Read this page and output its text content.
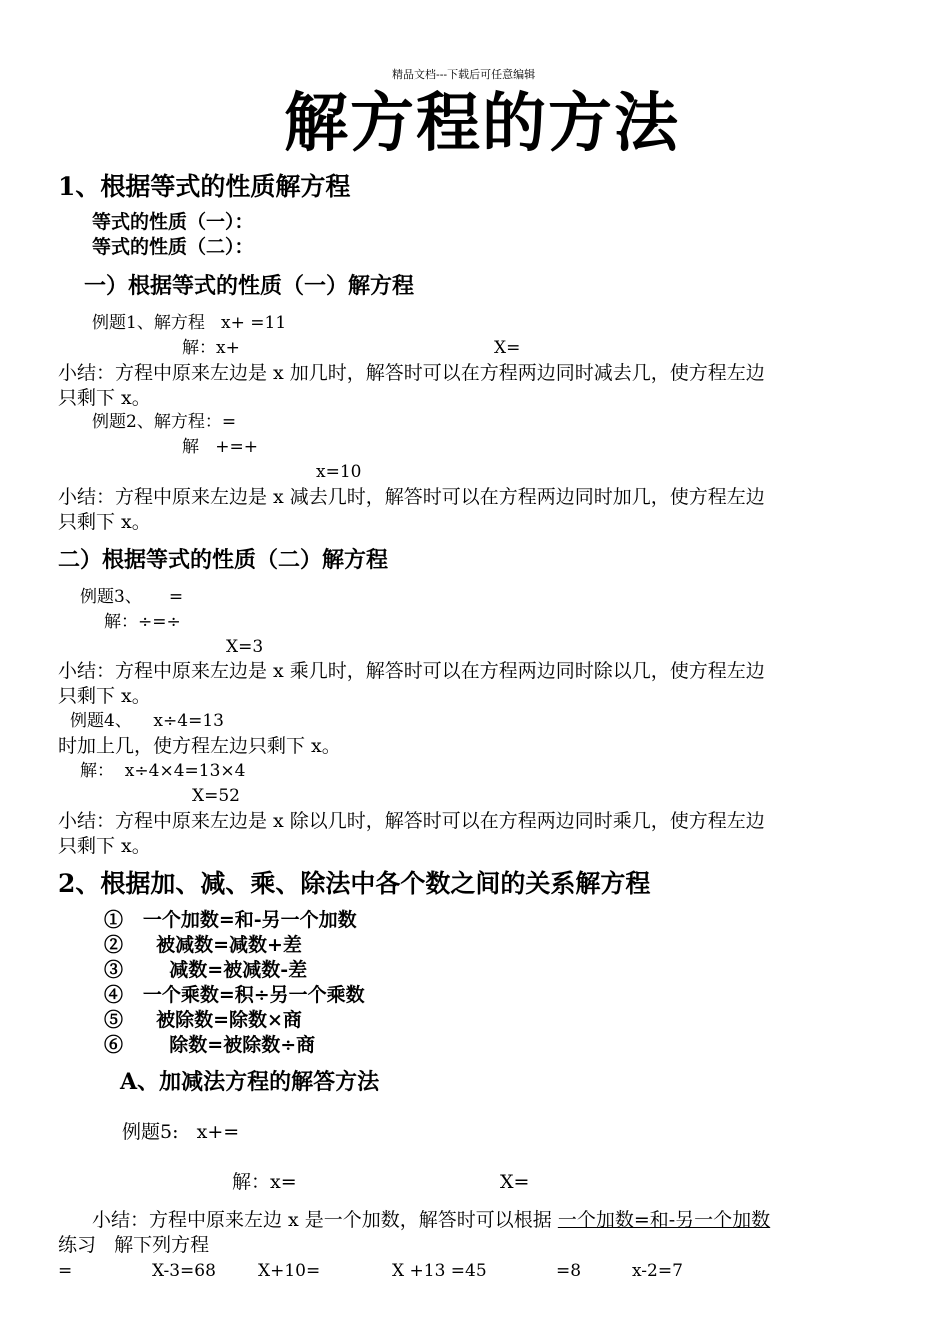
精品文档---下载后可任意编辑
解方程的方法
1、根据等式的性质解方程
等式的性质（一）：
等式的性质（二）：
一）根据等式的性质（一）解方程
例题1、解方程   x+ =11
解：x+	X=
小结：方程中原来左边是 x 加几时，解答时可以在方程两边同时减去几，使方程左边
只剩下 x。
例题2、解方程：=
解   +=+
x=10
小结：方程中原来左边是 x 减去几时，解答时可以在方程两边同时加几，使方程左边
只剩下 x。
二）根据等式的性质（二）解方程
例题3、     =
解：÷=÷
X=3
小结：方程中原来左边是 x 乘几时，解答时可以在方程两边同时除以几，使方程左边
只剩下 x。
例题4、    x÷4=13
时加上几，使方程左边只剩下 x。
解：  x÷4×4=13×4
X=52
小结：方程中原来左边是 x 除以几时，解答时可以在方程两边同时乘几，使方程左边
只剩下 x。
2、根据加、减、乘、除法中各个数之间的关系解方程
①   一个加数=和-另一个加数
②     被减数=减数+差
③       减数=被减数-差
④   一个乘数=积÷另一个乘数
⑤     被除数=除数×商
⑥       除数=被除数÷商
A、加减法方程的解答方法
例题5:   x+=
解：x=	X=
小结：方程中原来左边 x 是一个加数，解答时可以根据 一个加数=和-另一个加数
练习   解下列方程
=	X-3=68 X+10=	X +13 =45	=8	x-2=7
